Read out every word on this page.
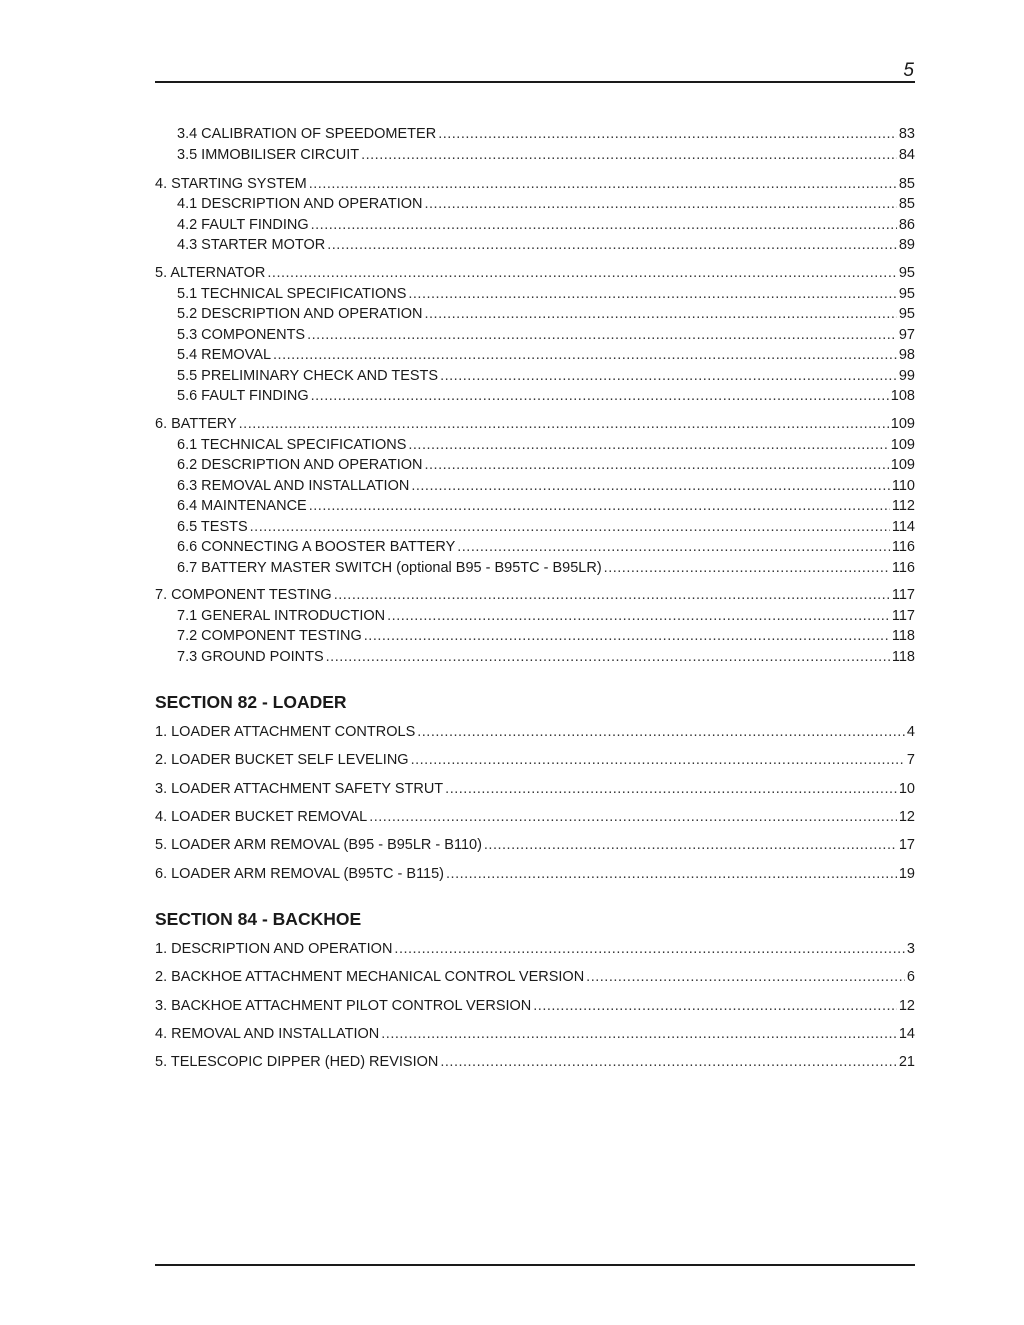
5
3.4 CALIBRATION OF SPEEDOMETER .....	83
3.5 IMMOBILISER CIRCUIT .....	84
4. STARTING SYSTEM .....	85
4.1 DESCRIPTION AND OPERATION .....	85
4.2 FAULT FINDING .....	86
4.3 STARTER MOTOR .....	89
5. ALTERNATOR .....	95
5.1 TECHNICAL SPECIFICATIONS .....	95
5.2 DESCRIPTION AND OPERATION .....	95
5.3 COMPONENTS .....	97
5.4 REMOVAL .....	98
5.5 PRELIMINARY CHECK AND TESTS .....	99
5.6 FAULT FINDING .....	108
6. BATTERY .....	109
6.1 TECHNICAL SPECIFICATIONS .....	109
6.2 DESCRIPTION AND OPERATION .....	109
6.3 REMOVAL AND INSTALLATION .....	110
6.4 MAINTENANCE .....	112
6.5 TESTS .....	114
6.6 CONNECTING A BOOSTER BATTERY .....	116
6.7 BATTERY MASTER SWITCH (optional B95 - B95TC - B95LR) .....	116
7. COMPONENT TESTING .....	117
7.1 GENERAL INTRODUCTION .....	117
7.2 COMPONENT TESTING .....	118
7.3 GROUND POINTS .....	118
SECTION 82 - LOADER
1. LOADER ATTACHMENT CONTROLS .....	4
2. LOADER BUCKET SELF LEVELING .....	7
3. LOADER ATTACHMENT SAFETY STRUT .....	10
4. LOADER BUCKET REMOVAL .....	12
5. LOADER ARM REMOVAL (B95 - B95LR - B110) .....	17
6. LOADER ARM REMOVAL (B95TC - B115) .....	19
SECTION 84 - BACKHOE
1. DESCRIPTION AND OPERATION .....	3
2. BACKHOE ATTACHMENT MECHANICAL CONTROL VERSION .....	6
3. BACKHOE ATTACHMENT PILOT CONTROL VERSION .....	12
4. REMOVAL AND INSTALLATION .....	14
5. TELESCOPIC DIPPER (HED) REVISION .....	21
